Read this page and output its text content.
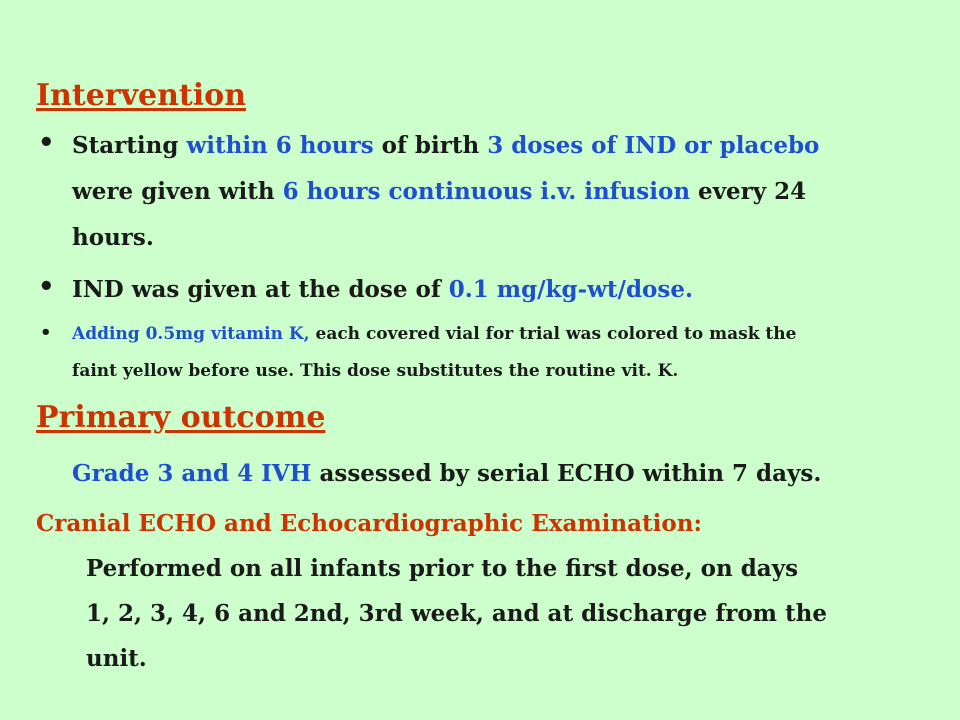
Intervention
• Starting within 6 hours of birth 3 doses of IND or placebo
were given with 6 hours continuous i.v. infusion every 24
hours.
• IND was given at the dose of 0.1 mg/kg-wt/dose.
• Adding 0.5mg vitamin K, each covered vial for trial was colored to mask the
faint yellow before use. This dose substitutes the routine vit. K.
Primary outcome
Grade 3 and 4 IVH assessed by serial ECHO within 7 days.
Cranial ECHO and Echocardiographic Examination:
Performed on all infants prior to the first dose, on days
1, 2, 3, 4, 6 and 2nd, 3rd week, and at discharge from the
unit.
